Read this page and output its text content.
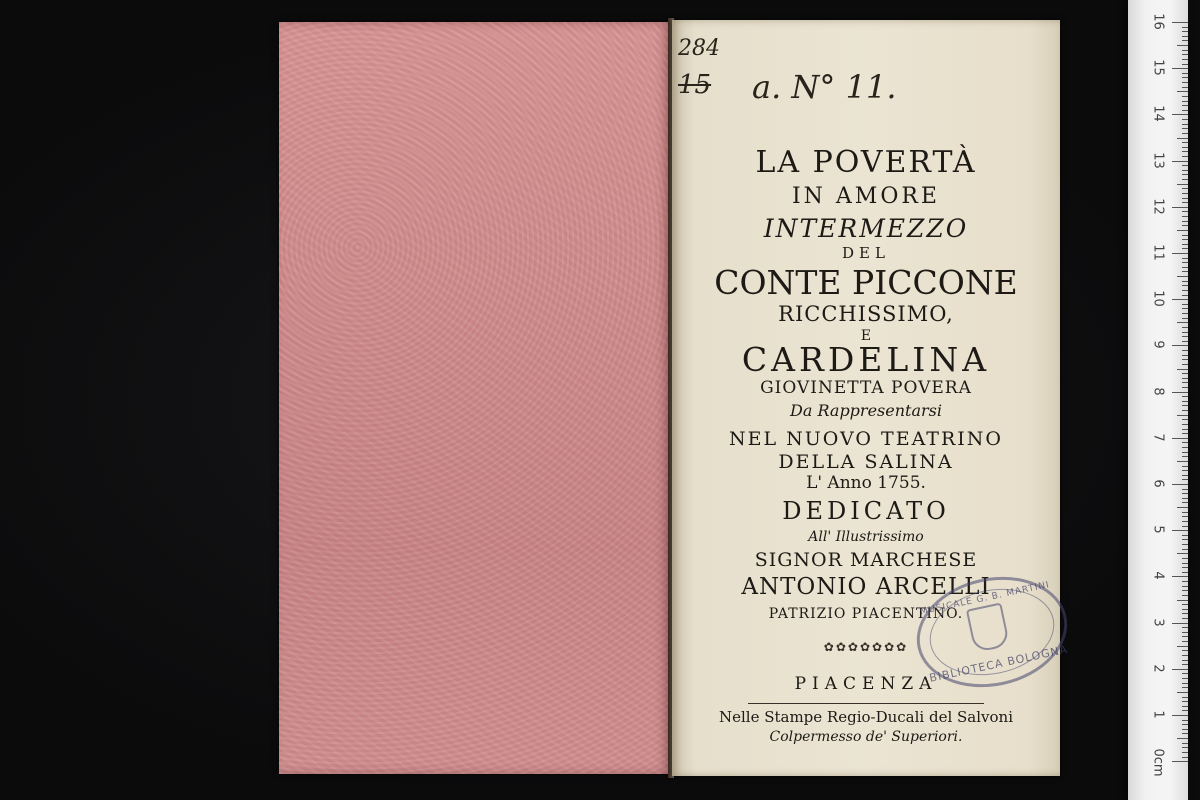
284
15 a. N° 11.
LA POVERTÀ
IN AMORE
INTERMEZZO
DEL
CONTE PICCONE
RICCHISSIMO,
E
CARDELINA
GIOVINETTA POVERA
Da Rappresentarsi
NEL NUOVO TEATRINO
DELLA SALINA
L' Anno 1755.
DEDICATO
All' Illustrissimo
SIGNOR MARCHESE
ANTONIO ARCELLI
PATRIZIO PIACENTINO.
✿✿✿✿✿✿✿
PIACENZA
Nelle Stampe Regio-Ducali del Salvoni
Colpermesso de' Superiori.
MUSICALE G. B. MARTINI
BIBLIOTECA BOLOGNA
16
15
14
13
12
11
10
9
8
7
6
5
4
3
2
1
0cm
